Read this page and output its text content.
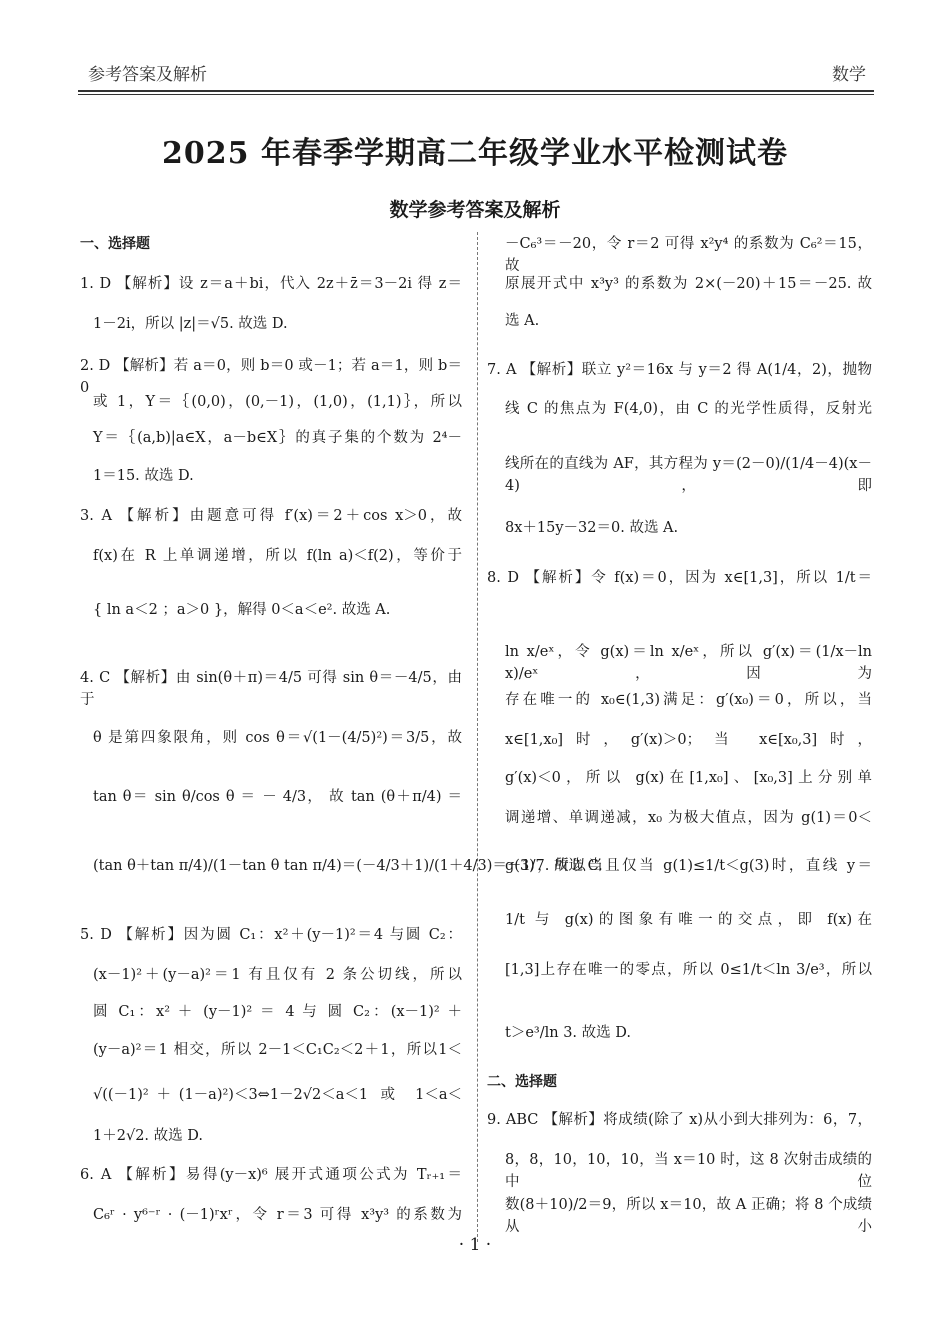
参考答案及解析	数学
2025 年春季学期高二年级学业水平检测试卷
数学参考答案及解析
一、选择题
1. D 【解析】设 z＝a＋bi，代入 2z＋z̄＝3－2i 得 z＝
1－2i，所以 |z|＝√5. 故选 D.
2. D 【解析】若 a＝0，则 b＝0 或－1；若 a＝1，则 b＝0
或 1，Y＝｛(0,0)，(0,－1)，(1,0)，(1,1)｝，所以
Y＝｛(a,b)|a∈X，a－b∈X｝的真子集的个数为 2⁴－
1＝15. 故选 D.
3. A 【解析】由题意可得 f′(x)＝2＋cos x＞0，故
f(x)在 R 上单调递增，所以 f(ln a)＜f(2)，等价于
{ ln a＜2 ；a＞0 }，解得 0＜a＜e². 故选 A.
4. C 【解析】由 sin(θ＋π)＝4/5 可得 sin θ＝－4/5，由于
θ 是第四象限角，则 cos θ＝√(1－(4/5)²)＝3/5，故
tan θ＝ sin θ/cos θ ＝ － 4/3， 故 tan (θ＋π/4) ＝
(tan θ＋tan π/4)/(1－tan θ tan π/4)＝(－4/3＋1)/(1＋4/3)＝－1/7. 故选 C.
5. D 【解析】因为圆 C₁：x²＋(y－1)²＝4 与圆 C₂：
(x－1)²＋(y－a)²＝1 有且仅有 2 条公切线，所以
圆 C₁：x² ＋ (y－1)² ＝ 4 与 圆 C₂：(x－1)² ＋
(y－a)²＝1 相交，所以 2－1＜C₁C₂＜2＋1，所以1＜
√((－1)²＋(1－a)²)＜3⇔1－2√2＜a＜1 或 1＜a＜
1＋2√2. 故选 D.
6. A 【解析】易得(y－x)⁶ 展开式通项公式为 Tᵣ₊₁＝
C₆ʳ · y⁶⁻ʳ · (－1)ʳxʳ，令 r＝3 可得 x³y³ 的系数为
－C₆³＝－20，令 r＝2 可得 x²y⁴ 的系数为 C₆²＝15，故
原展开式中 x³y³ 的系数为 2×(－20)＋15＝－25. 故
选 A.
7. A 【解析】联立 y²＝16x 与 y＝2 得 A(1/4，2)，抛物
线 C 的焦点为 F(4,0)，由 C 的光学性质得，反射光
线所在的直线为 AF，其方程为 y＝(2－0)/(1/4－4)(x－4)，即
8x＋15y－32＝0. 故选 A.
8. D 【解析】令 f(x)＝0，因为 x∈[1,3]，所以 1/t＝
ln x/eˣ，令 g(x)＝ln x/eˣ，所以 g′(x)＝(1/x－ln x)/eˣ，因为
存在唯一的 x₀∈(1,3)满足：g′(x₀)＝0，所以，当
x∈[1,x₀]时，g′(x)＞0；当 x∈[x₀,3]时，
g′(x)＜0，所以 g(x)在[1,x₀]、[x₀,3]上分别单
调递增、单调递减，x₀ 为极大值点，因为 g(1)＝0＜
g(3)，所以当且仅当 g(1)≤1/t＜g(3)时，直线 y＝
1/t 与 g(x)的图象有唯一的交点，即 f(x)在
[1,3]上存在唯一的零点，所以 0≤1/t＜ln 3/e³，所以
t＞e³/ln 3. 故选 D.
二、选择题
9. ABC 【解析】将成绩(除了 x)从小到大排列为：6，7，
8，8，10，10，10，当 x＝10 时，这 8 次射击成绩的中位
数(8＋10)/2＝9，所以 x＝10，故 A 正确；将 8 个成绩从小
· 1 ·
